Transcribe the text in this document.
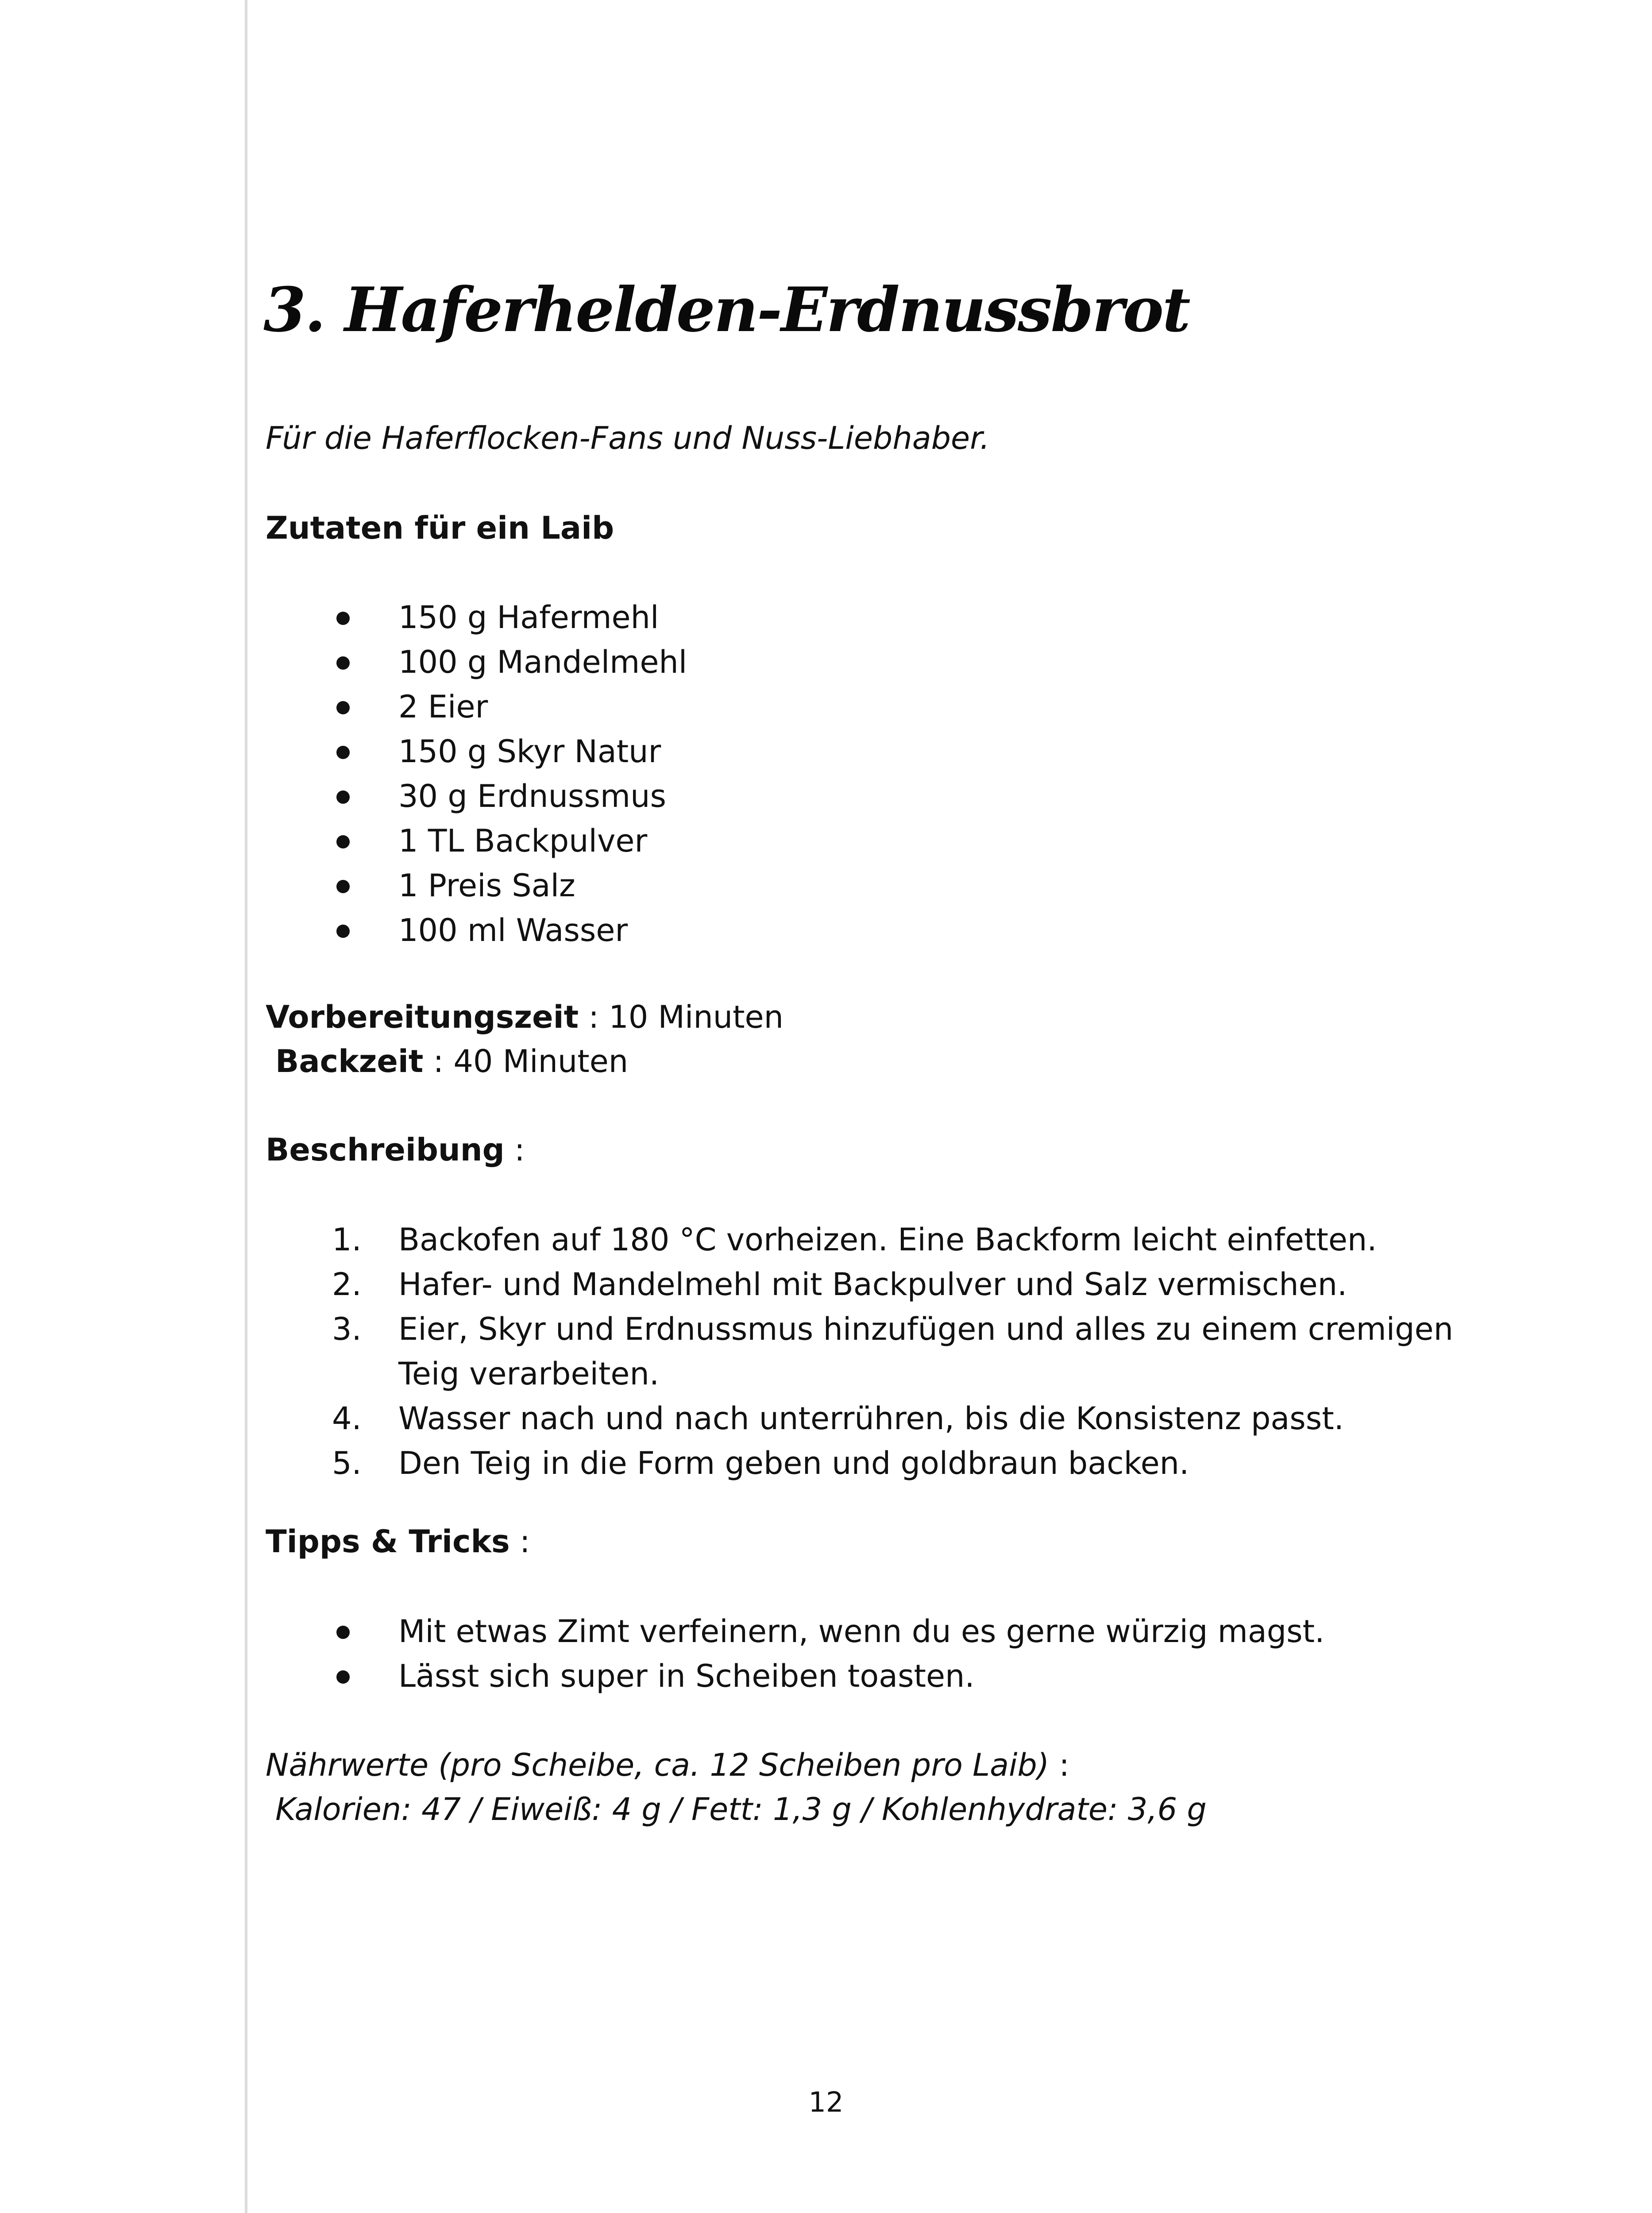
3. Haferhelden-Erdnussbrot

Für die Haferflocken-Fans und Nuss-Liebhaber.

Zutaten für ein Laib

150 g Hafermehl
100 g Mandelmehl
2 Eier
150 g Skyr Natur
30 g Erdnussmus
1 TL Backpulver
1 Preis Salz
100 ml Wasser

Vorbereitungszeit : 10 Minuten

Backzeit : 40 Minuten

Beschreibung :

1.	Backofen auf 180 °C vorheizen. Eine Backform leicht einfetten.
2.	Hafer- und Mandelmehl mit Backpulver und Salz vermischen.
3.	Eier, Skyr und Erdnussmus hinzufügen und alles zu einem cremigen
Teig verarbeiten.
4.	Wasser nach und nach unterrühren, bis die Konsistenz passt.
5.	Den Teig in die Form geben und goldbraun backen.

Tipps & Tricks :

Mit etwas Zimt verfeinern, wenn du es gerne würzig magst.
Lässt sich super in Scheiben toasten.

Nährwerte (pro Scheibe, ca. 12 Scheiben pro Laib) :

Kalorien: 47 / Eiweiß: 4 g / Fett: 1,3 g / Kohlenhydrate: 3,6 g

12
